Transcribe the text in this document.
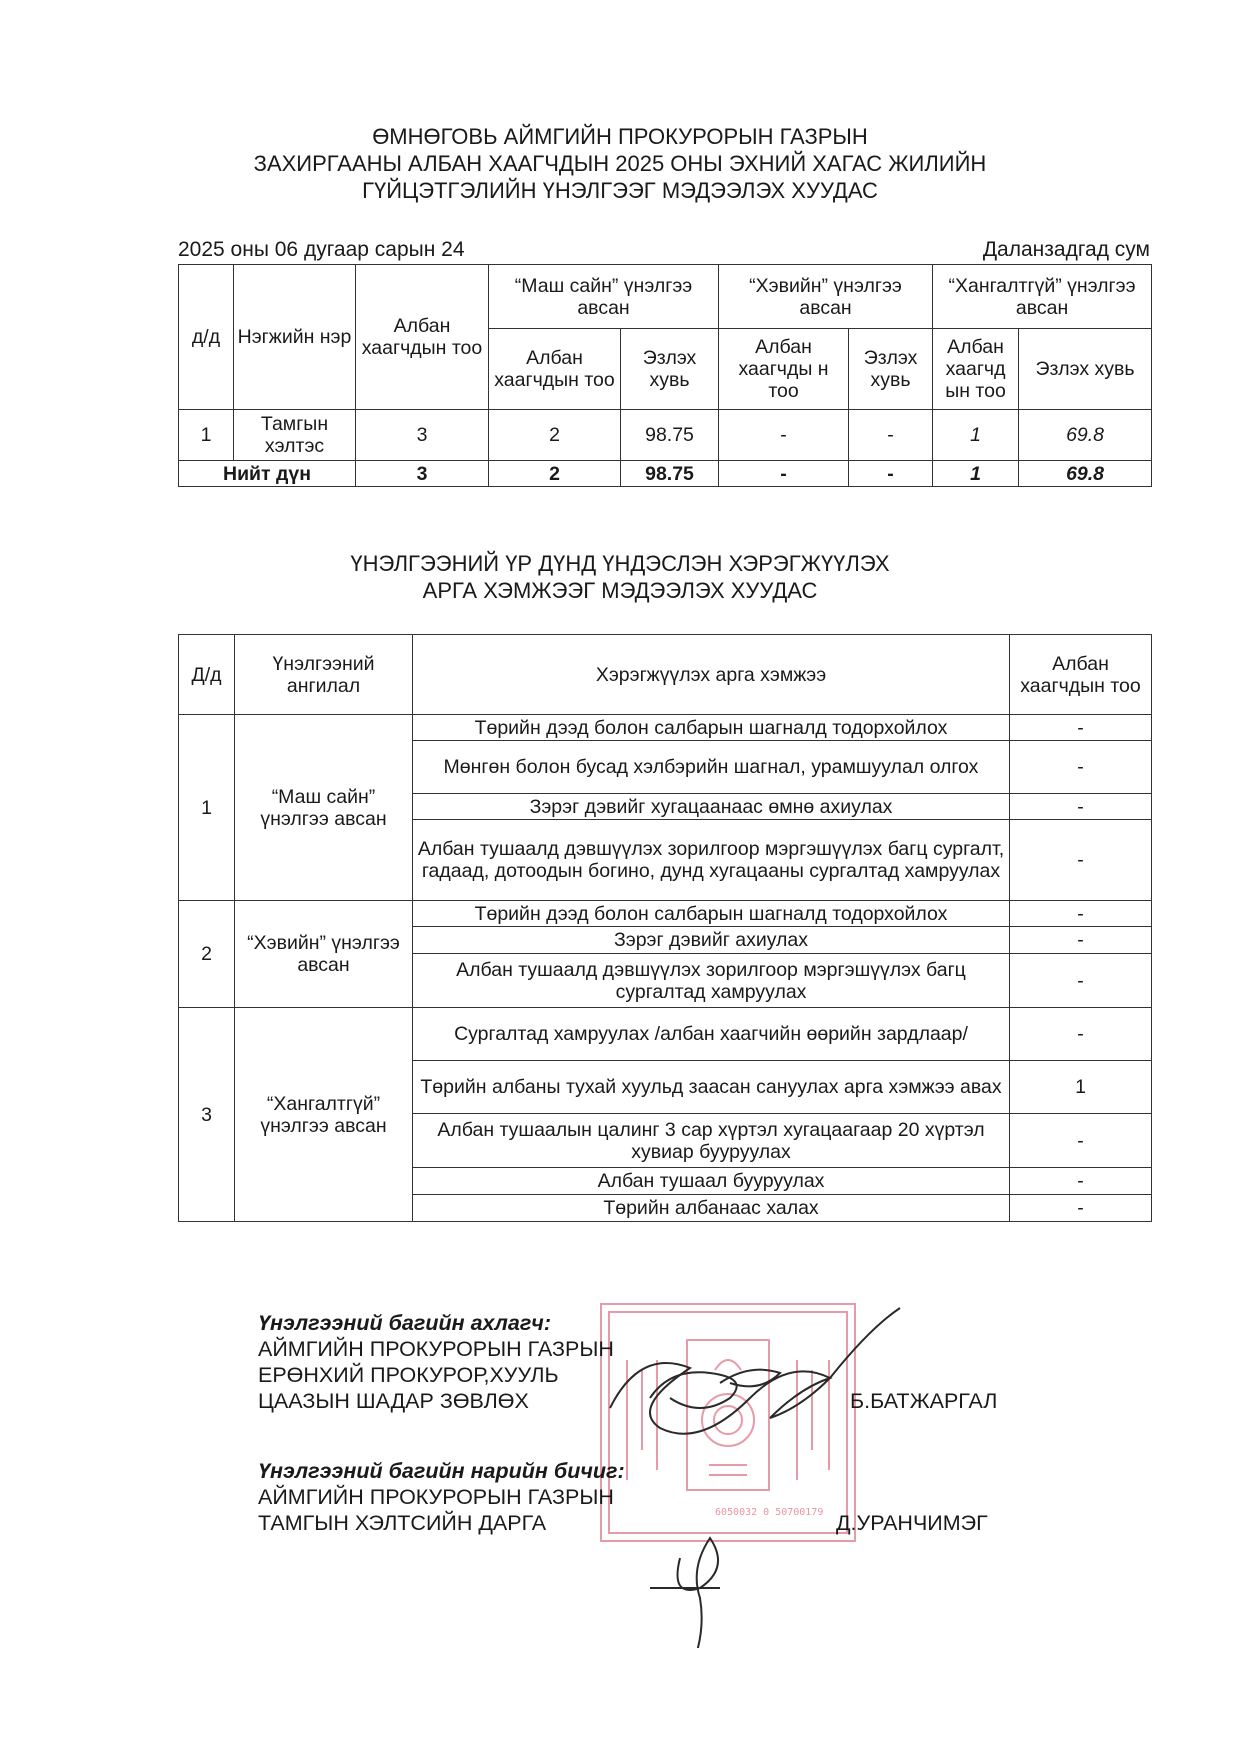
ӨМНӨГОВЬ АЙМГИЙН ПРОКУРОРЫН ГАЗРЫН
ЗАХИРГААНЫ АЛБАН ХААГЧДЫН 2025 ОНЫ ЭХНИЙ ХАГАС ЖИЛИЙН
ГҮЙЦЭТГЭЛИЙН ҮНЭЛГЭЭГ МЭДЭЭЛЭХ ХУУДАС
2025 оны 06 дугаар сарын 24	Даланзадгад сум
д/д	Нэгжийн нэр	Албан хаагчдын тоо	“Маш сайн” үнэлгээ авсан		“Хэвийн” үнэлгээ авсан		“Хангалтгүй” үнэлгээ авсан	
			Албан хаагчдын тоо	Эзлэх хувь	Албан хаагчды н тоо	Эзлэх хувь	Албан хаагчд ын тоо	Эзлэх хувь
1	Тамгын хэлтэс	3	2	98.75	-	-	1	69.8
Нийт дүн		3	2	98.75	-	-	1	69.8
ҮНЭЛГЭЭНИЙ ҮР ДҮНД ҮНДЭСЛЭН ХЭРЭГЖҮҮЛЭХ
АРГА ХЭМЖЭЭГ МЭДЭЭЛЭХ ХУУДАС
Д/д	Үнэлгээний ангилал	Хэрэгжүүлэх арга хэмжээ	Албан хаагчдын тоо
1	“Маш сайн” үнэлгээ авсан	Төрийн дээд болон салбарын шагналд тодорхойлох	-
		Мөнгөн болон бусад хэлбэрийн шагнал, урамшуулал олгох	-
		Зэрэг дэвийг хугацаанаас өмнө ахиулах	-
		Албан тушаалд дэвшүүлэх зорилгоор мэргэшүүлэх багц сургалт, гадаад, дотоодын богино, дунд хугацааны сургалтад хамруулах	-
2	“Хэвийн” үнэлгээ авсан	Төрийн дээд болон салбарын шагналд тодорхойлох	-
		Зэрэг дэвийг ахиулах	-
		Албан тушаалд дэвшүүлэх зорилгоор мэргэшүүлэх багц сургалтад хамруулах	-
3	“Хангалтгүй” үнэлгээ авсан	Сургалтад хамруулах /албан хаагчийн өөрийн зардлаар/	-
		Төрийн албаны тухай хуульд заасан сануулах арга хэмжээ авах	1
		Албан тушаалын цалинг 3 сар хүртэл хугацаагаар 20 хүртэл хувиар бууруулах	-
		Албан тушаал бууруулах	-
		Төрийн албанаас халах	-
6050032 0 50700179
Үнэлгээний багийн ахлагч:
АЙМГИЙН ПРОКУРОРЫН ГАЗРЫН
ЕРӨНХИЙ ПРОКУРОР,ХУУЛЬ
ЦААЗЫН ШАДАР ЗӨВЛӨХ	Б.БАТЖАРГАЛ
Үнэлгээний багийн нарийн бичиг:
АЙМГИЙН ПРОКУРОРЫН ГАЗРЫН
ТАМГЫН ХЭЛТСИЙН ДАРГА	Д.УРАНЧИМЭГ
